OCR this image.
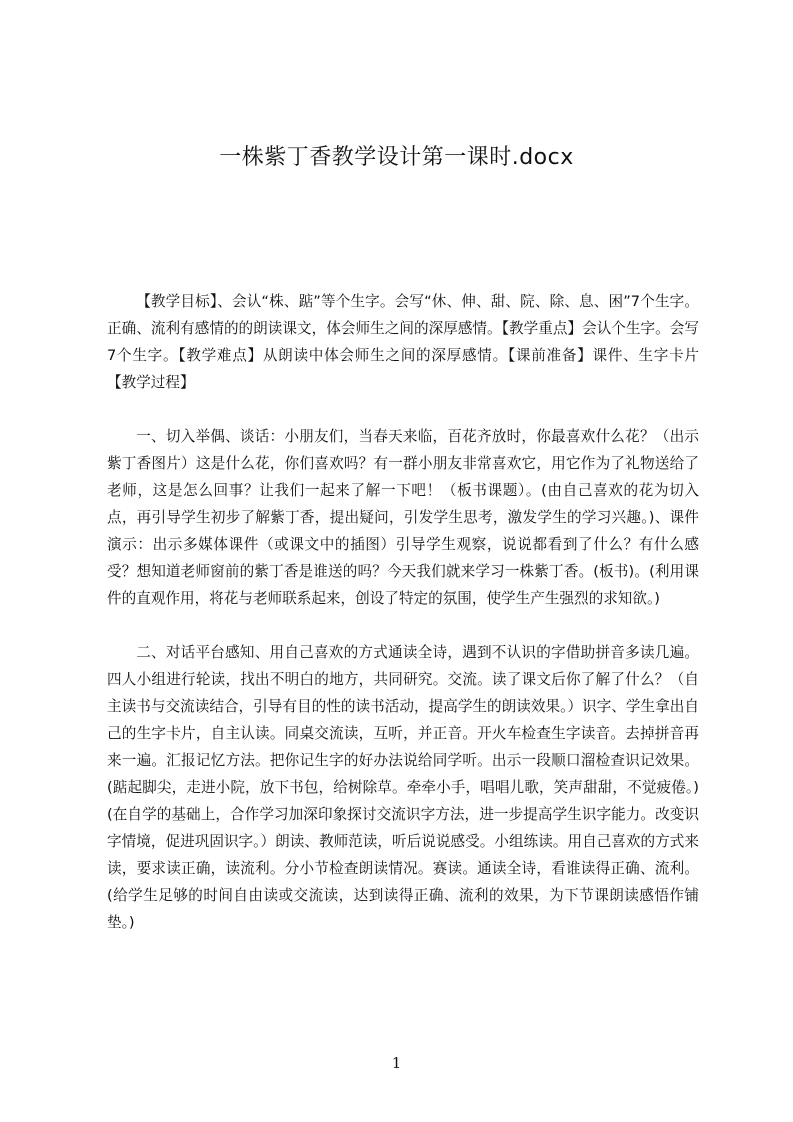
一株紫丁香教学设计第一课时.docx

【教学目标】、会认“株、踮”等个生字。会写“休、伸、甜、院、除、息、困”7个生字。正确、流利有感情的的朗读课文，体会师生之间的深厚感情。【教学重点】会认个生字。会写7个生字。【教学难点】从朗读中体会师生之间的深厚感情。【课前准备】课件、生字卡片【教学过程】

一、切入举偶、谈话：小朋友们，当春天来临，百花齐放时，你最喜欢什么花？（出示紫丁香图片）这是什么花，你们喜欢吗？有一群小朋友非常喜欢它，用它作为了礼物送给了老师，这是怎么回事？让我们一起来了解一下吧！（板书课题）。(由自己喜欢的花为切入点，再引导学生初步了解紫丁香，提出疑问，引发学生思考，激发学生的学习兴趣。)、课件演示：出示多媒体课件（或课文中的插图）引导学生观察，说说都看到了什么？有什么感受？想知道老师窗前的紫丁香是谁送的吗？今天我们就来学习一株紫丁香。(板书)。(利用课件的直观作用，将花与老师联系起来，创设了特定的氛围，使学生产生强烈的求知欲。)

二、对话平台感知、用自己喜欢的方式通读全诗，遇到不认识的字借助拼音多读几遍。四人小组进行轮读，找出不明白的地方，共同研究。交流。读了课文后你了解了什么？（自主读书与交流读结合，引导有目的性的读书活动，提高学生的朗读效果。）识字、学生拿出自己的生字卡片，自主认读。同桌交流读，互听，并正音。开火车检查生字读音。去掉拼音再来一遍。汇报记忆方法。把你记生字的好办法说给同学听。出示一段顺口溜检查识记效果。(踮起脚尖，走进小院，放下书包，给树除草。牵牵小手，唱唱儿歌，笑声甜甜，不觉疲倦。)(在自学的基础上，合作学习加深印象探讨交流识字方法，进一步提高学生识字能力。改变识字情境，促进巩固识字。）朗读、教师范读，听后说说感受。小组练读。用自己喜欢的方式来读，要求读正确，读流利。分小节检查朗读情况。赛读。通读全诗，看谁读得正确、流利。(给学生足够的时间自由读或交流读，达到读得正确、流利的效果，为下节课朗读感悟作铺垫。)

1
